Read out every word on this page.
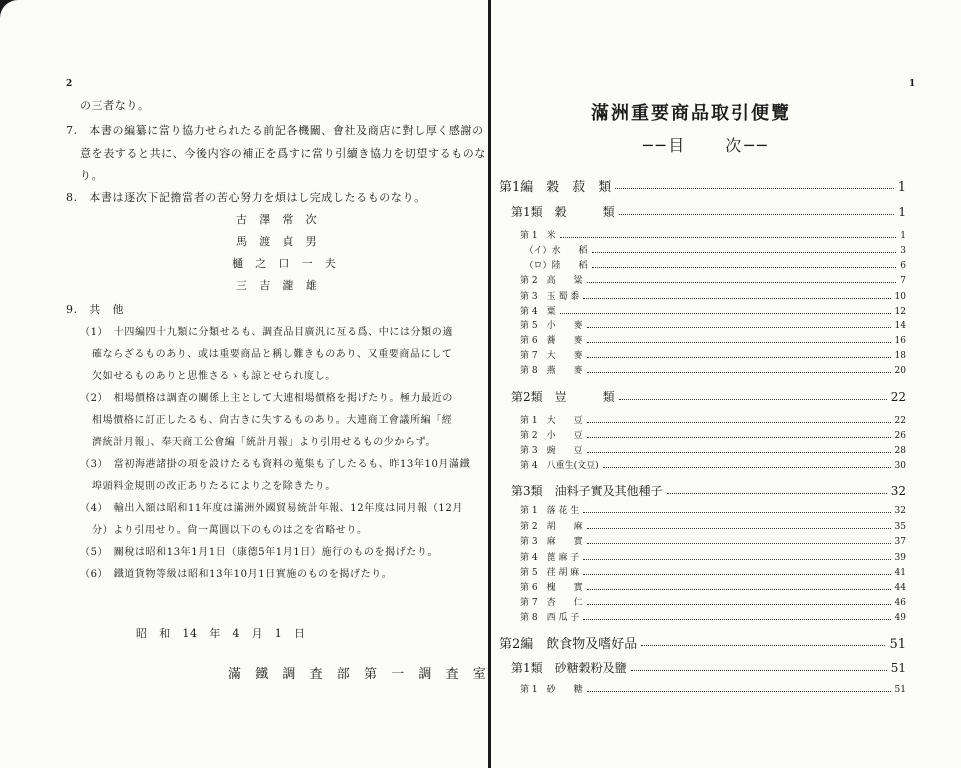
2
の三者なり。
7.　本書の編纂に當り協力せられたる前記各機關、會社及商店に對し厚く感謝の
意を表すると共に、今後内容の補正を爲すに當り引續き協力を切望するものな
り。
8.　本書は逐次下記擔當者の苦心努力を煩はし完成したるものなり。
古　澤　常　次
馬　渡　貞　男
樋　之　口　一　夫
三　吉　瀧　雄
9.　共　他
（1）　十四編四十九類に分類せるも、調査品目廣汎に亙る爲、中には分類の適
確ならざるものあり、或は重要商品と稱し難きものあり、又重要商品にして
欠如せるものありと思惟さるゝも諒とせられ度し。
（2）　相場價格は調査の關係上主として大連相場價格を掲げたり。極力最近の
相場價格に訂正したるも、尙古きに失するものあり。大連商工會議所編「經
濟統計月報」、奉天商工公會編「統計月報」より引用せるもの少からず。
（3）　當初海港諸掛の項を設けたるも資料の蒐集も了したるも、昨13年10月滿鐵
埠頭料金規則の改正ありたるにより之を除きたり。
（4）　輸出入額は昭和11年度は滿洲外國貿易統計年報、12年度は同月報（12月
分）より引用せり。尙一萬圓以下のものは之を省略せり。
（5）　關稅は昭和13年1月1日（康德5年1月1日）施行のものを揭げたり。
（6）　鐵道貨物等級は昭和13年10月1日實施のものを揭げたり。
昭　和　14　年　4　月　1　日
滿　鐵　調　査　部　第　一　調　査　室
1
滿洲重要商品取引便覽
──目　　次──
第1編　穀　菽　類	1
第1類　穀　　　類	1
第 1　米	1
　（イ）水　　稻	3
　（ロ）陸　　稻	6
第 2　高　　粱	7
第 3　玉 蜀 黍	10
第 4　粟	12
第 5　小　　麥	14
第 6　蕎　　麥	16
第 7　大　　麥	18
第 8　燕　　麥	20
第2類　豈　　　類	22
第 1　大　　豆	22
第 2　小　　豆	26
第 3　豌　　豆	28
第 4　八重生(文豆)	30
第3類　油料子實及其他種子	32
第 1　落 花 生	32
第 2　胡　　麻	35
第 3　麻　　實	37
第 4　蓖 麻 子	39
第 5　荏 胡 麻	41
第 6　槐　　實	44
第 7　杏　　仁	46
第 8　西 瓜 子	49
第2編　飲食物及嗜好品	51
第1類　砂糖穀粉及鹽	51
第 1　砂　　糖	51
